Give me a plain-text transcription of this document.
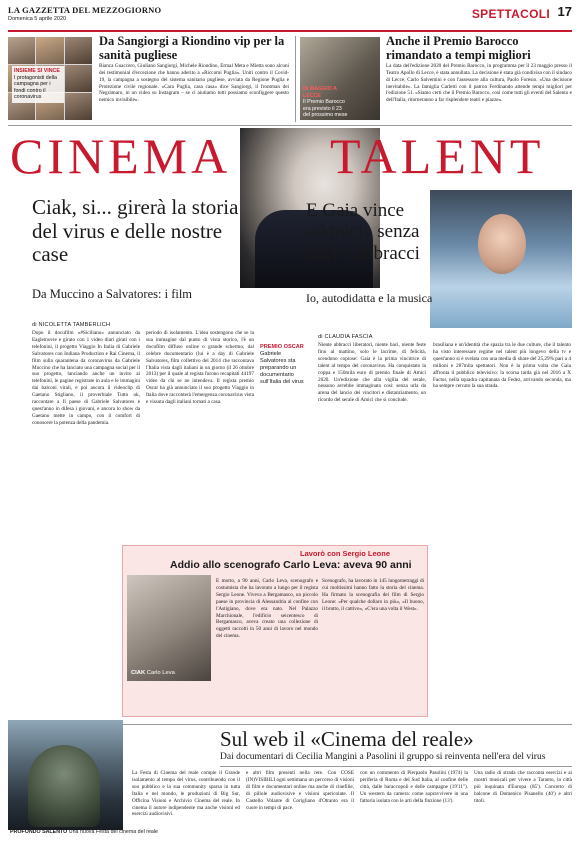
LA GAZZETTA DEL MEZZOGIORNO
Domenica 5 aprile 2020	SPETTACOLI 17
INSIEME SI VINCE
I protagonisti della campagna per i fondi contro il coronavirus
Da Sangiorgi a Riondino vip per la sanità pugliese
Bianca Guaccero, Giuliano Sangiorgi, Michele Riondino, Ermal Meta e Mietta sono alcuni dei testimonial d'eccezione che hanno aderito a «Riccomi Puglia». Uniti contro il Covid-19, la campagna a sostegno del sistema sanitario pugliese, avviata da Regione Puglia e Protezione civile regionale. «Cara Puglia, casa casa» dice Sangiorgi, il frontman dei Negramaro, in un video su Instagram – se ci aiutiamo tutti possiamo sconfiggere questo nemico invisibile».
IN MAGGIO A LECCE
Il Premio Barocco era previsto il 23 del prossimo mese
Anche il Premio Barocco rimandato a tempi migliori
La data dell'edizione 2020 del Premio Barocco, in programma per il 23 maggio presso il Teatro Apollo di Lecce, è stata annullata. La decisione è stata già condivisa con il sindaco di Lecce, Carlo Salvemini e con l'assessore alla cultura, Paolo Foresio. «Una decisione inevitabile». La famiglia Carletti con il patron Ferdinando attende tempi migliori per l'edizione 51. «Siamo certi che il Premio Barocco, così come tutti gli eventi del Salento e dell'Italia, ritorneranno a far risplendere teatri e piazze».
CINEMA TALENT
Ciak, si... girerà la storia del virus e delle nostre case
Da Muccino a Salvatores: i film
E Gaia vince «Amici» senza baci e abbracci
Io, autodidatta e la musica
di NICOLETTA TAMBERLICH
Dopo il docufilm «#Siciliano» annunciato da Eaglemovie e girato con 1 video diari girati con i telefonini, il progetto Viaggio In Italia di Gabriele Salvatores con Indiana Production e Rai Cinema, il film sulla quarantena da coronavirus da Gabriele Muccino che ha lanciato una campagna social per il suo progetto, lanciando anche un invito ai telefonini, le pagine registrate in aula e le immagini dai balconi virali, e poi ancora il videoclip di Gaetano Stigliano, il proverbiale Tutto ok, raccontare a Il paese di Gabriele Salvatores e quest'anno in difesa i giovani, e ancora lo show da Gaetano mette in campo, con il comfort di conoscere la potenza della pandemia.
periodo di isolamento. L'idea sostengono che se la sua immagine dal punto di vista storico, l'è un docufilm diffuso online o grande schermo, dal celebre documentario (lui è a day di Gabriele Salvatores, film collettivo del 2014 che raccontava l'Italia vista dagli italiani in un giorno (il 26 ottobre 2013) per il quale al regista furono recapitati 44197 video da chi se ne intendeva. Il regista premio Oscar ha già annunciato il suo progetto Viaggio in Italia dove racconterà l'emergenza coronavirus vista e vissuta dagli italiani tornati a casa.
PREMIO OSCAR
Gabriele Salvatores sta preparando un documentario sull'Italia del virus
di CLAUDIA FASCIA
Niente abbracci liberatori, niente baci, niente feste fino al mattino, solo le lacrime, di felicità, scendono copiose: Gaia è la prima vincitrice di talent al tempo del coronavirus. Ha conquistato la coppa e 150mila euro di premio finale di Amici 2020. Un'edizione che alla vigilia del serale, nessuno avrebbe immaginato così: senza urla da arena del lancio dei vincitori e distanziamento, un ricordo del serale di Amici che si conclude.
brasiliana e un'identità che spazia tra le due culture, che il talento ha visto interessare regime nel talent più longevo della tv e quest'anno si è svelata con una media di share del 25,29% pari a 4 milioni e 287mila spettatori. Non è la prima volta che Gaia affronta il pubblico televisivo: la scorsa tarda già nel 2016 a X Factor, nella squadra capitanata da Fedez, arrivando seconda, ma ha sempre cercato la sua strada.
Lavorò con Sergio Leone
Addio allo scenografo Carlo Leva: aveva 90 anni
CIAK Carlo Leva
È morto, a 90 anni, Carlo Leva, scenografo e costumista che ha lavorato a lungo per il regista Sergio Leone. Viveva a Bergamasco, un piccolo paese in provincia di Alessandria al confine con l'Astigiano, dove era nato. Nel Palazzo Marchionale, l'edificio seicentesco di Bergamasco, aveva creato una collezione di oggetti raccolti in 50 anni di lavoro nel mondo del cinema.
Scenografo, ha lavorato in 145 lungometraggi di cui moltissimi hanno fatto la storia del cinema. Ha firmato la scenografia dei film di Sergio Leone: «Per qualche dollaro in più», «Il buono, il brutto, il cattivo», «C'era una volta il West».
PROFONDO SALENTO Una nuova Festa del cinema del reale
Sul web il «Cinema del reale»
Dai documentari di Cecilia Mangini a Pasolini il gruppo si reinventa nell'era del virus
La Festa di Cinema del reale compie il Grande isolamento al tempo del virus, contribuendo con il suo pubblico e la sua community sparsa in tutta Italia e nel mondo, le produzioni di Big Sur, Officina Visioni e Archivio Cinema del reale. In cinema il autore indipendente ma anche visioni ed esercizi audiovisivi.
e altri film presenti nella rete. Con COSE (IN)VISIBILI ogni settimana un percorso di visioni di film e documentari online ma anche di cinefilie, di pillole audiovisive e visioni spericolate. Il Castello Volante di Corigliano d'Otranto era il cuore in tempi di pace.
con un commento di Pierpaolo Pasolini (1974) la periferia di Roma e del Sud Italia, al confine delle città, dalle baraccopoli e delle campagne (19'11"). Un western da camera: come sopravvivere in una fattoria isolata con le arti della finzione (13').
Una radio di strada che racconta esercizi e ai mostri musicali per vivere a Taranto, la città più inquinata d'Europa (85'). Concerto di balcone di Domenico Pisanello (40') e altri titoli.
